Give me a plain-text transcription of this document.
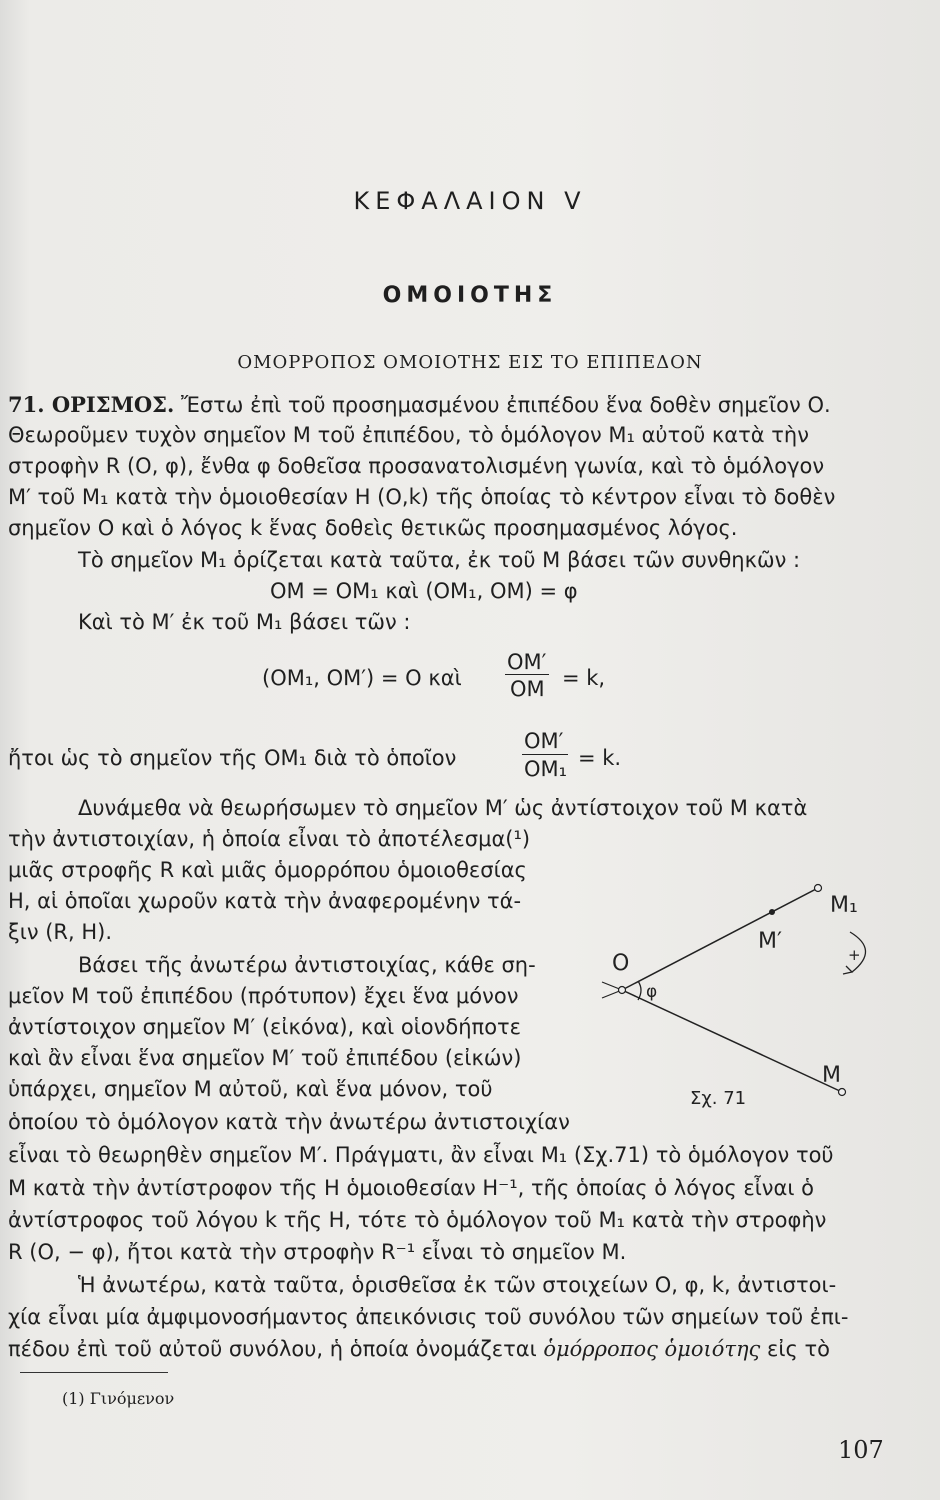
ΚΕΦΑΛΑΙΟΝ V
ΟΜΟΙΟΤΗΣ
ΟΜΟΡΡΟΠΟΣ ΟΜΟΙΟΤΗΣ ΕΙΣ ΤΟ ΕΠΙΠΕΔΟΝ
71. ΟΡΙΣΜΟΣ. Ἔστω ἐπὶ τοῦ προσημασμένου ἐπιπέδου ἕνα δοθὲν σημεῖον Ο.
Θεωροῦμεν τυχὸν σημεῖον Μ τοῦ ἐπιπέδου, τὸ ὁμόλογον Μ₁ αὐτοῦ κατὰ τὴν
στροφὴν R (Ο, φ), ἔνθα φ δοθεῖσα προσανατολισμένη γωνία, καὶ τὸ ὁμόλογον
Μ′ τοῦ Μ₁ κατὰ τὴν ὁμοιοθεσίαν H (Ο,k) τῆς ὁποίας τὸ κέντρον εἶναι τὸ δοθὲν
σημεῖον Ο καὶ ὁ λόγος k ἕνας δοθεὶς θετικῶς προσημασμένος λόγος.
Τὸ σημεῖον Μ₁ ὁρίζεται κατὰ ταῦτα, ἐκ τοῦ Μ βάσει τῶν συνθηκῶν :
ΟΜ = ΟΜ₁ καὶ (ΟΜ₁, ΟΜ) = φ
Καὶ τὸ Μ′ ἐκ τοῦ Μ₁ βάσει τῶν :
(ΟΜ₁, ΟΜ′) = Ο καὶ
ΟΜ′
ΟΜ = k,
ἤτοι ὡς τὸ σημεῖον τῆς ΟΜ₁ διὰ τὸ ὁποῖον
ΟΜ′
ΟΜ₁ = k.
Δυνάμεθα νὰ θεωρήσωμεν τὸ σημεῖον Μ′ ὡς ἀντίστοιχον τοῦ Μ κατὰ
τὴν ἀντιστοιχίαν, ἡ ὁποία εἶναι τὸ ἀποτέλεσμα(¹)
μιᾶς στροφῆς R καὶ μιᾶς ὁμορρόπου ὁμοιοθεσίας
H, αἱ ὁποῖαι χωροῦν κατὰ τὴν ἀναφερομένην τά-
ξιν (R, H).
Βάσει τῆς ἀνωτέρω ἀντιστοιχίας, κάθε ση-
μεῖον Μ τοῦ ἐπιπέδου (πρότυπον) ἔχει ἕνα μόνον
ἀντίστοιχον σημεῖον Μ′ (εἰκόνα), καὶ οἱονδήποτε
καὶ ἂν εἶναι ἕνα σημεῖον Μ′ τοῦ ἐπιπέδου (εἰκών)
ὑπάρχει, σημεῖον Μ αὐτοῦ, καὶ ἕνα μόνον, τοῦ
ὁποίου τὸ ὁμόλογον κατὰ τὴν ἀνωτέρω ἀντιστοιχίαν
εἶναι τὸ θεωρηθὲν σημεῖον Μ′. Πράγματι, ἂν εἶναι Μ₁ (Σχ.71) τὸ ὁμόλογον τοῦ
Μ κατὰ τὴν ἀντίστροφον τῆς H ὁμοιοθεσίαν H⁻¹, τῆς ὁποίας ὁ λόγος εἶναι ὁ
ἀντίστροφος τοῦ λόγου k τῆς H, τότε τὸ ὁμόλογον τοῦ Μ₁ κατὰ τὴν στροφὴν
R (Ο, − φ), ἤτοι κατὰ τὴν στροφὴν R⁻¹ εἶναι τὸ σημεῖον Μ.
Ἡ ἀνωτέρω, κατὰ ταῦτα, ὁρισθεῖσα ἐκ τῶν στοιχείων Ο, φ, k, ἀντιστοι-
χία εἶναι μία ἀμφιμονοσήμαντος ἀπεικόνισις τοῦ συνόλου τῶν σημείων τοῦ ἐπι-
πέδου ἐπὶ τοῦ αὐτοῦ συνόλου, ἡ ὁποία ὀνομάζεται ὁμόρροπος ὁμοιότης εἰς τὸ
Ο
φ
Μ₁
Μ′
Μ
+
Σχ. 71
(1) Γινόμενον
107
